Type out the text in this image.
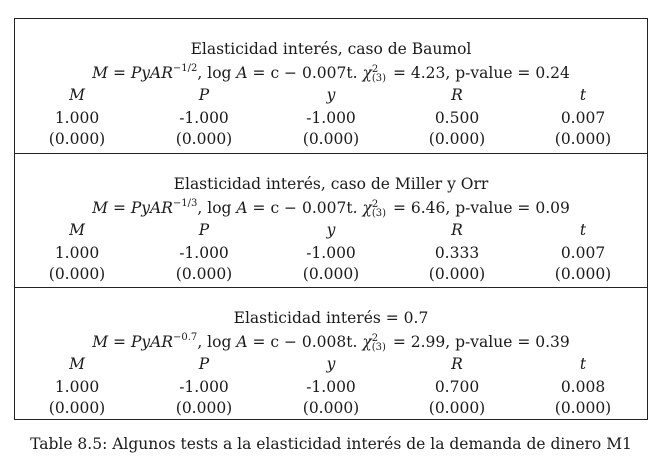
Elasticidad interés, caso de Baumol
M = PyAR$^{-1/2}$, log A = c − 0.007t. χ 2
(3) = 4.23, p-value = 0.24
M	P	y	R	t
1.000	-1.000	-1.000	0.500	0.007
(0.000)	(0.000)	(0.000)	(0.000)	(0.000)
Elasticidad interés, caso de Miller y Orr
M = PyAR$^{-1/3}$, log A = c − 0.007t. χ 2
(3) = 6.46, p-value = 0.09
M	P	y	R	t
1.000	-1.000	-1.000	0.333	0.007
(0.000)	(0.000)	(0.000)	(0.000)	(0.000)
Elasticidad interés = 0.7
M = PyAR$^{-0.7}$, log A = c − 0.008t. χ 2
(3) = 2.99, p-value = 0.39
M	P	y	R	t
1.000	-1.000	-1.000	0.700	0.008
(0.000)	(0.000)	(0.000)	(0.000)	(0.000)
Table 8.5: Algunos tests a la elasticidad interés de la demanda de dinero M1
